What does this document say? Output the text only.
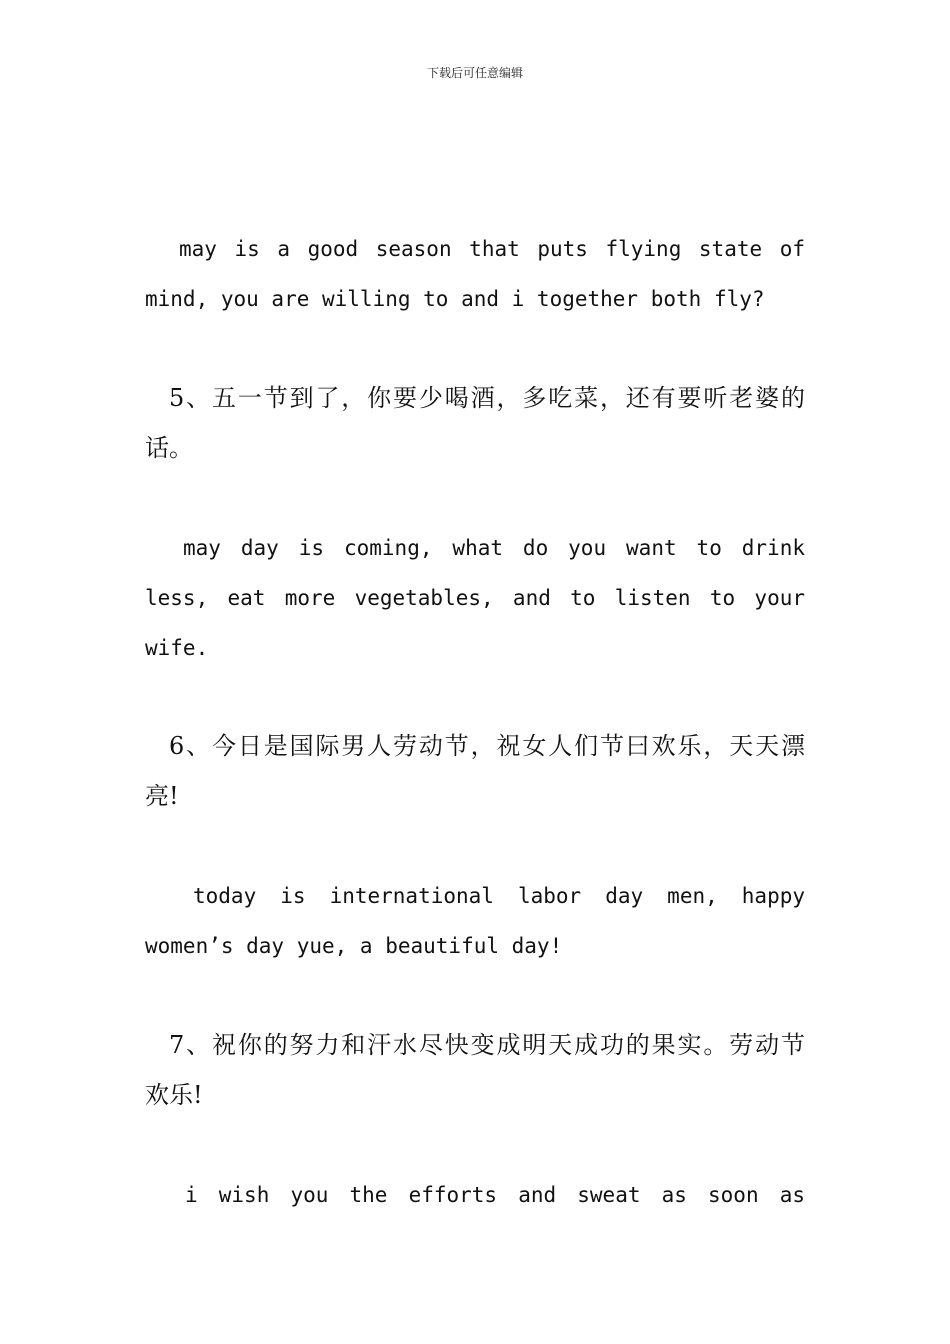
下载后可任意编辑
may is a good season that puts flying state of
mind, you are willing to and i together both fly?
5、五一节到了，你要少喝酒，多吃菜，还有要听老婆的
话。
may day is coming, what do you want to drink
less, eat more vegetables, and to listen to your
wife.
6、今日是国际男人劳动节，祝女人们节曰欢乐，天天漂
亮!
today is international labor day men, happy
women’s day yue, a beautiful day!
7、祝你的努力和汗水尽快变成明天成功的果实。劳动节
欢乐!
i wish you the efforts and sweat as soon as
